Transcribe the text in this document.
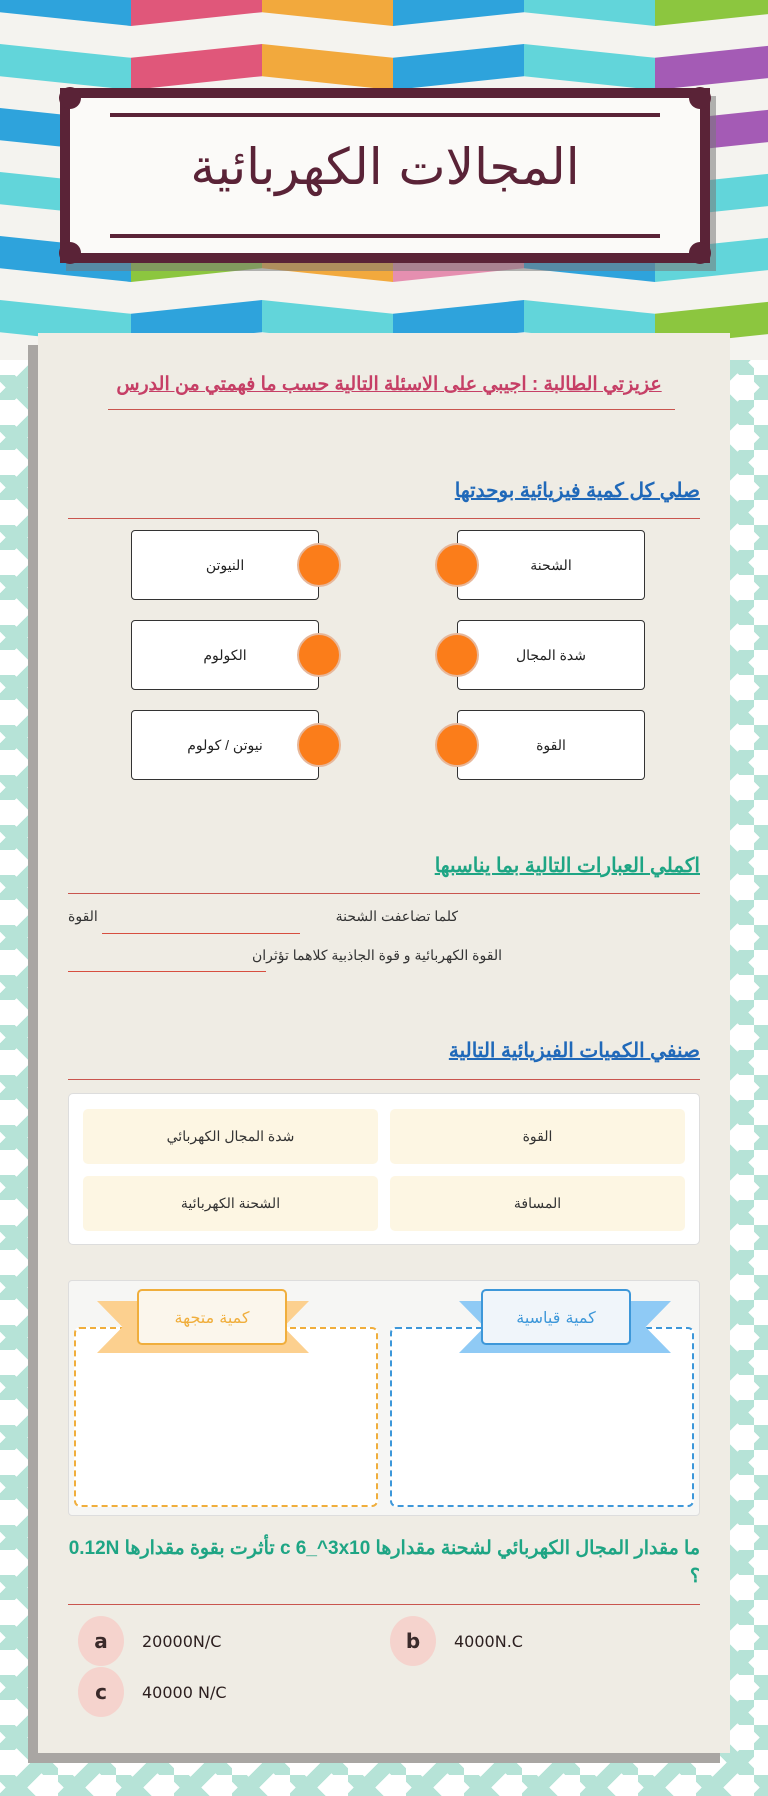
المجالات الكهربائية
عزيزتي الطالبة : اجيبي على الاسئلة التالية حسب ما فهمتي من الدرس
صلي كل كمية فيزيائية بوحدتها
الشحنة
شدة المجال
القوة
النيوتن
الكولوم
نيوتن / كولوم
اكملي العبارات التالية بما يناسبها
كلما تضاعفت الشحنة
القوة
القوة الكهربائية و قوة الجاذبية كلاهما تؤثران
صنفي الكميات الفيزيائية التالية
القوة
شدة المجال الكهربائي
المسافة
الشحنة الكهربائية
كمية قياسية
كمية متجهة
ما مقدار المجال الكهربائي لشحنة مقدارها c 6_^3x10 تأثرت بقوة مقدارها 0.12N ؟
a	20000N/C	b	4000N.C
c	40000 N/C
